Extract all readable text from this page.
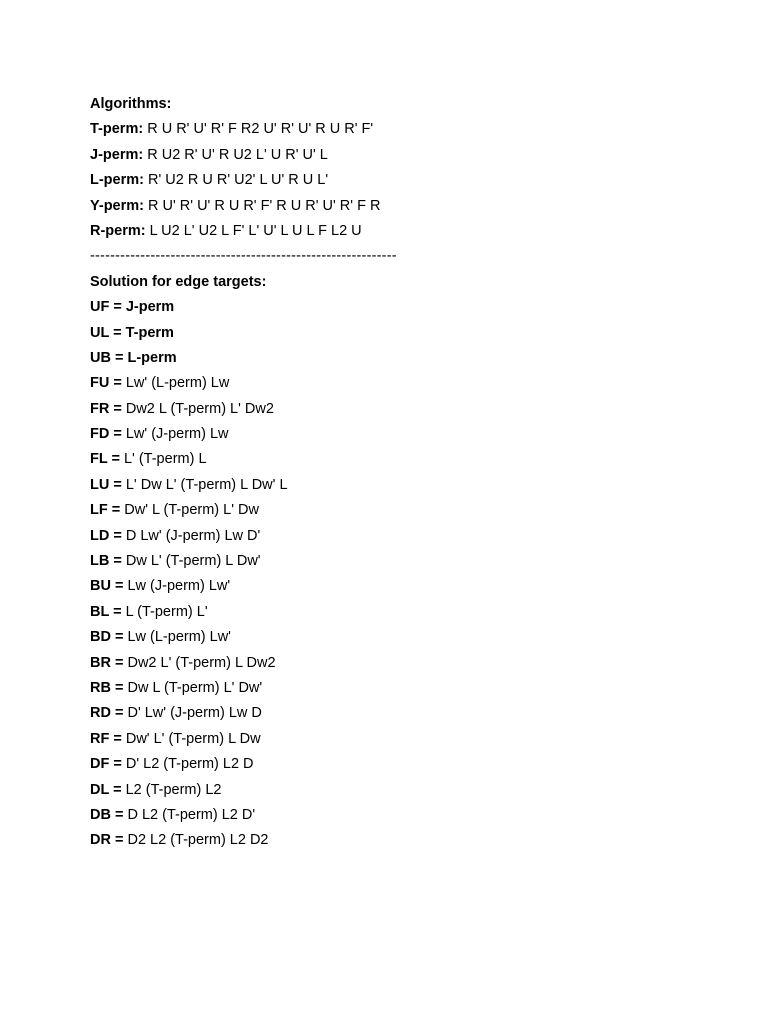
Algorithms:
T-perm: R U R' U' R' F R2 U' R' U' R U R' F'
J-perm: R U2 R' U' R U2 L' U R' U' L
L-perm: R' U2 R U R' U2' L U' R U L'
Y-perm: R U' R' U' R U R' F' R U R' U' R' F R
R-perm: L U2 L' U2 L F' L' U' L U L F L2 U
-------------------------------------------------------------
Solution for edge targets:
UF = J-perm
UL = T-perm
UB = L-perm
FU = Lw' (L-perm) Lw
FR = Dw2 L (T-perm) L' Dw2
FD = Lw' (J-perm) Lw
FL = L' (T-perm) L
LU = L' Dw L' (T-perm) L Dw' L
LF = Dw' L (T-perm) L' Dw
LD = D Lw' (J-perm) Lw D'
LB = Dw L' (T-perm) L Dw'
BU = Lw (J-perm) Lw'
BL = L (T-perm) L'
BD = Lw (L-perm) Lw'
BR = Dw2 L' (T-perm) L Dw2
RB = Dw L (T-perm) L' Dw'
RD = D' Lw' (J-perm) Lw D
RF = Dw' L' (T-perm) L Dw
DF = D' L2 (T-perm) L2 D
DL = L2 (T-perm) L2
DB = D L2 (T-perm) L2 D'
DR = D2 L2 (T-perm) L2 D2
